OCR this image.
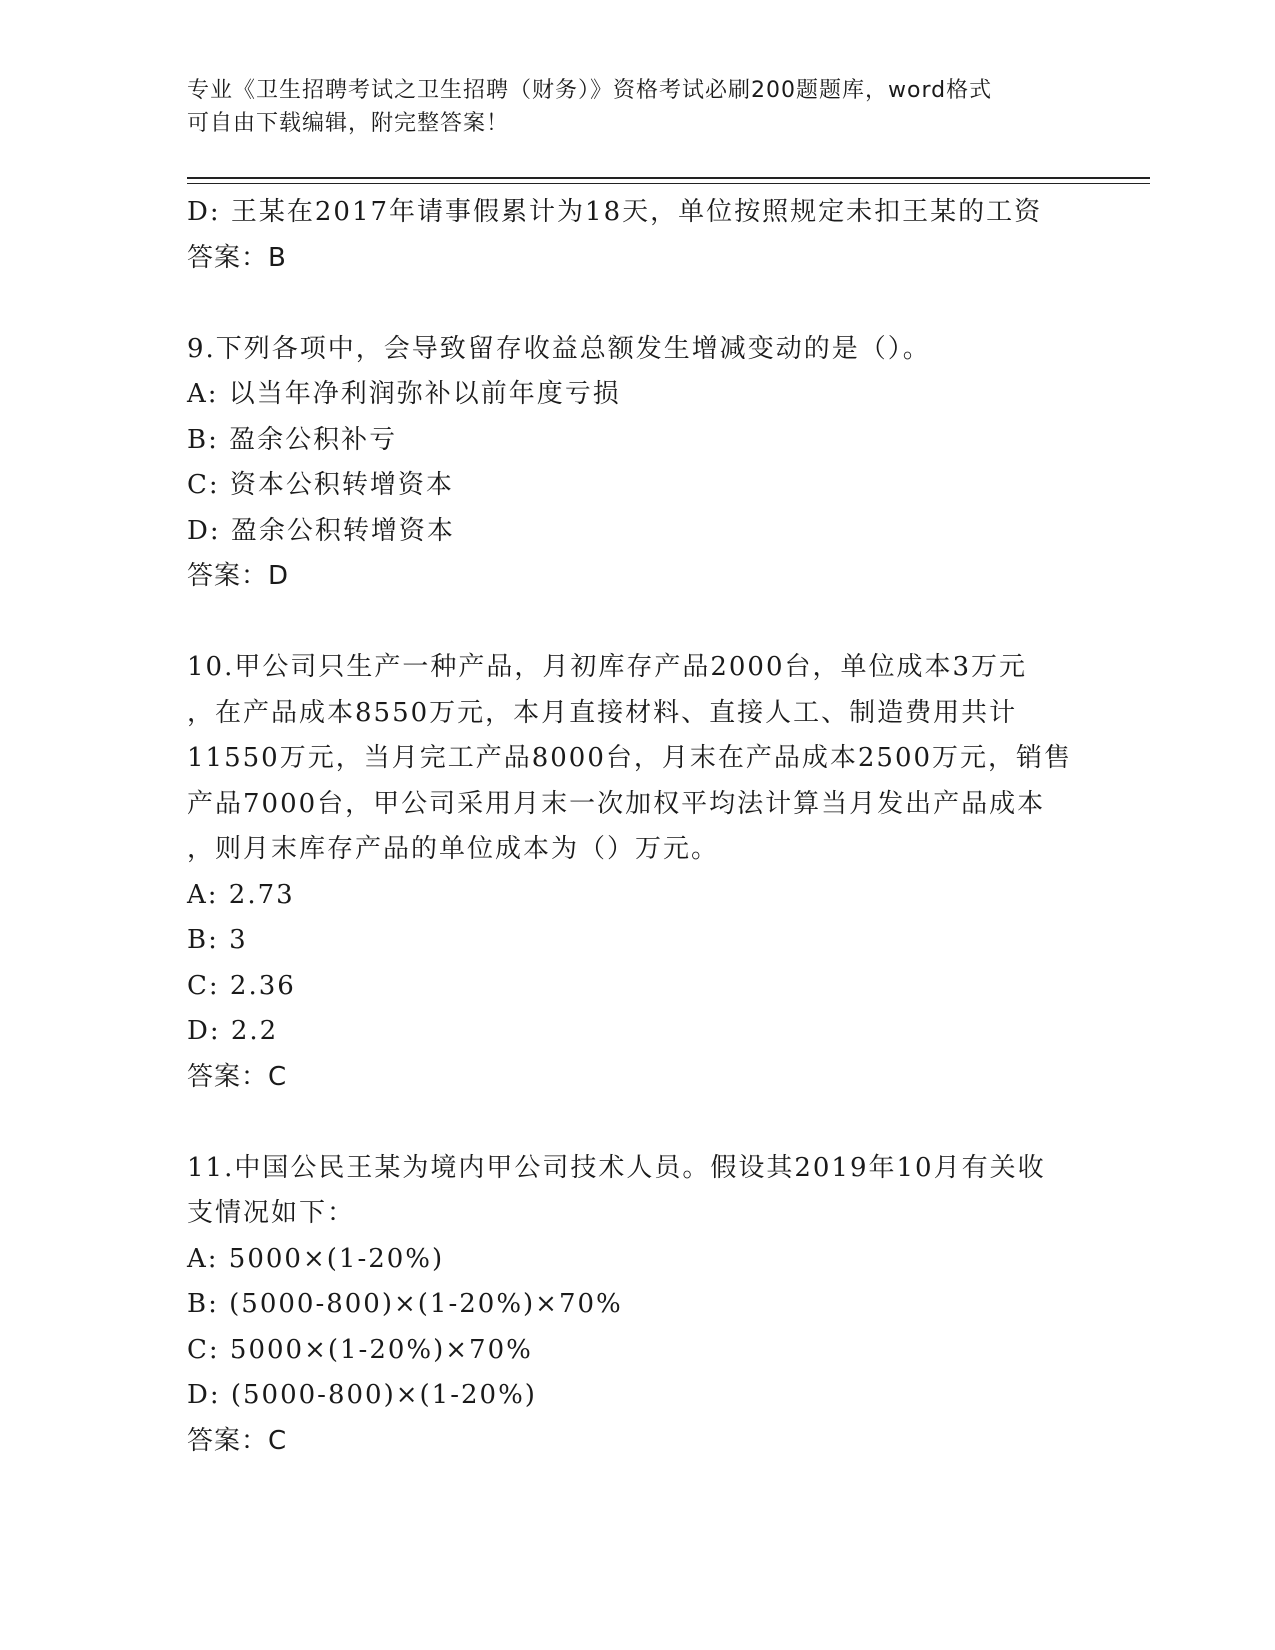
专业《卫生招聘考试之卫生招聘（财务）》资格考试必刷200题题库，word格式

可自由下载编辑，附完整答案！

D: 王某在2017年请事假累计为18天，单位按照规定未扣王某的工资

答案：B

9.下列各项中，会导致留存收益总额发生增减变动的是（）。

A: 以当年净利润弥补以前年度亏损

B: 盈余公积补亏

C: 资本公积转增资本

D: 盈余公积转增资本

答案：D

10.甲公司只生产一种产品，月初库存产品2000台，单位成本3万元

，在产品成本8550万元，本月直接材料、直接人工、制造费用共计

11550万元，当月完工产品8000台，月末在产品成本2500万元，销售

产品7000台，甲公司采用月末一次加权平均法计算当月发出产品成本

，则月末库存产品的单位成本为（）万元。

A: 2.73

B: 3

C: 2.36

D: 2.2

答案：C

11.中国公民王某为境内甲公司技术人员。假设其2019年10月有关收

支情况如下：

A: 5000×(1-20%)

B: (5000-800)×(1-20%)×70%

C: 5000×(1-20%)×70%

D: (5000-800)×(1-20%)

答案：C
